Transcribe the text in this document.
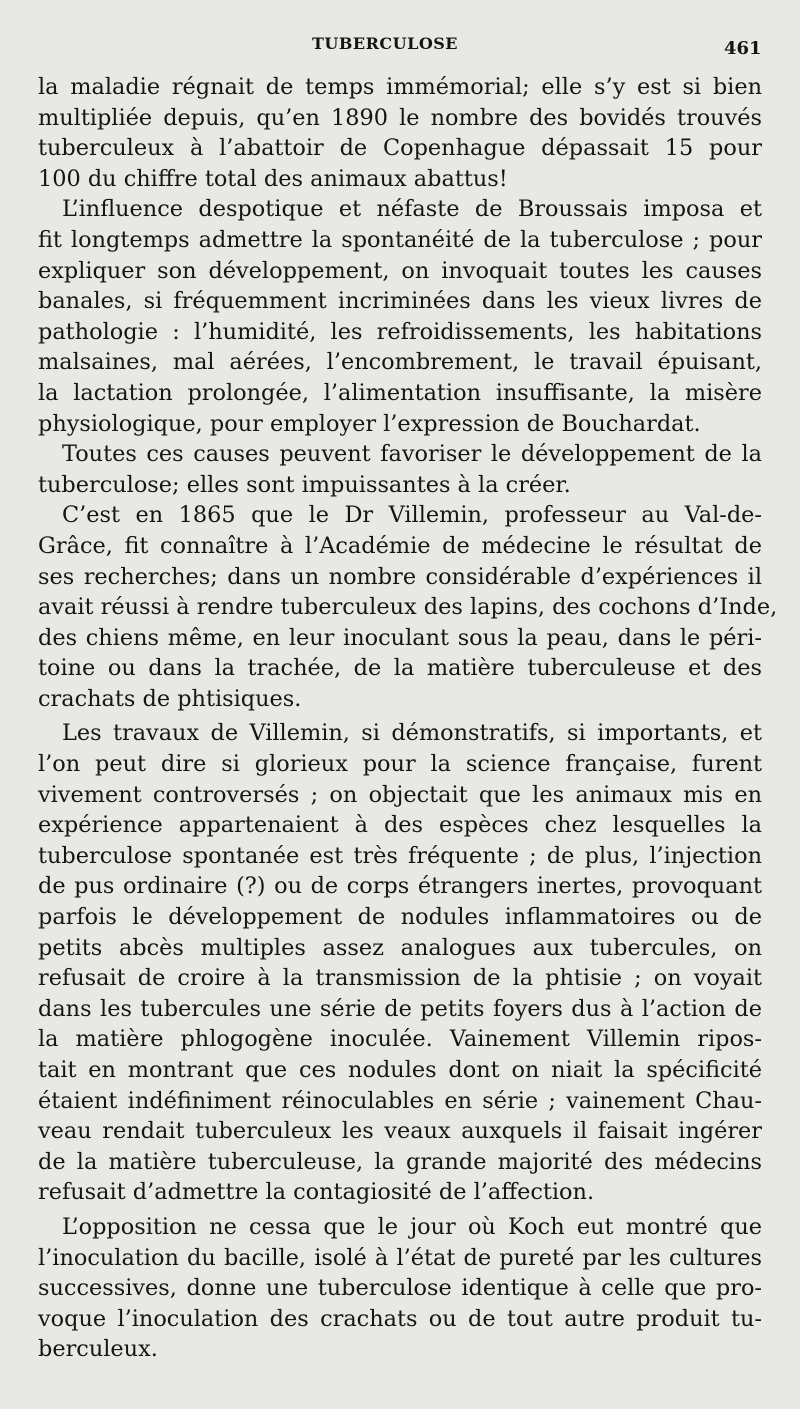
TUBERCULOSE	461
la maladie régnait de temps immémorial; elle s’y est si bien
multipliée depuis, qu’en 1890 le nombre des bovidés trouvés
tuberculeux à l’abattoir de Copenhague dépassait 15 pour
100 du chiffre total des animaux abattus!
L’influence despotique et néfaste de Broussais imposa et
fit longtemps admettre la spontanéité de la tuberculose ; pour
expliquer son développement, on invoquait toutes les causes
banales, si fréquemment incriminées dans les vieux livres de
pathologie : l’humidité, les refroidissements, les habitations
malsaines, mal aérées, l’encombrement, le travail épuisant,
la lactation prolongée, l’alimentation insuffisante, la misère
physiologique, pour employer l’expression de Bouchardat.
Toutes ces causes peuvent favoriser le développement de la
tuberculose; elles sont impuissantes à la créer.
C’est en 1865 que le Dr Villemin, professeur au Val-de-
Grâce, fit connaître à l’Académie de médecine le résultat de
ses recherches; dans un nombre considérable d’expériences il
avait réussi à rendre tuberculeux des lapins, des cochons d’Inde,
des chiens même, en leur inoculant sous la peau, dans le péri-
toine ou dans la trachée, de la matière tuberculeuse et des
crachats de phtisiques.
Les travaux de Villemin, si démonstratifs, si importants, et
l’on peut dire si glorieux pour la science française, furent
vivement controversés ; on objectait que les animaux mis en
expérience appartenaient à des espèces chez lesquelles la
tuberculose spontanée est très fréquente ; de plus, l’injection
de pus ordinaire (?) ou de corps étrangers inertes, provoquant
parfois le développement de nodules inflammatoires ou de
petits abcès multiples assez analogues aux tubercules, on
refusait de croire à la transmission de la phtisie ; on voyait
dans les tubercules une série de petits foyers dus à l’action de
la matière phlogogène inoculée. Vainement Villemin ripos-
tait en montrant que ces nodules dont on niait la spécificité
étaient indéfiniment réinoculables en série ; vainement Chau-
veau rendait tuberculeux les veaux auxquels il faisait ingérer
de la matière tuberculeuse, la grande majorité des médecins
refusait d’admettre la contagiosité de l’affection.
L’opposition ne cessa que le jour où Koch eut montré que
l’inoculation du bacille, isolé à l’état de pureté par les cultures
successives, donne une tuberculose identique à celle que pro-
voque l’inoculation des crachats ou de tout autre produit tu-
berculeux.
